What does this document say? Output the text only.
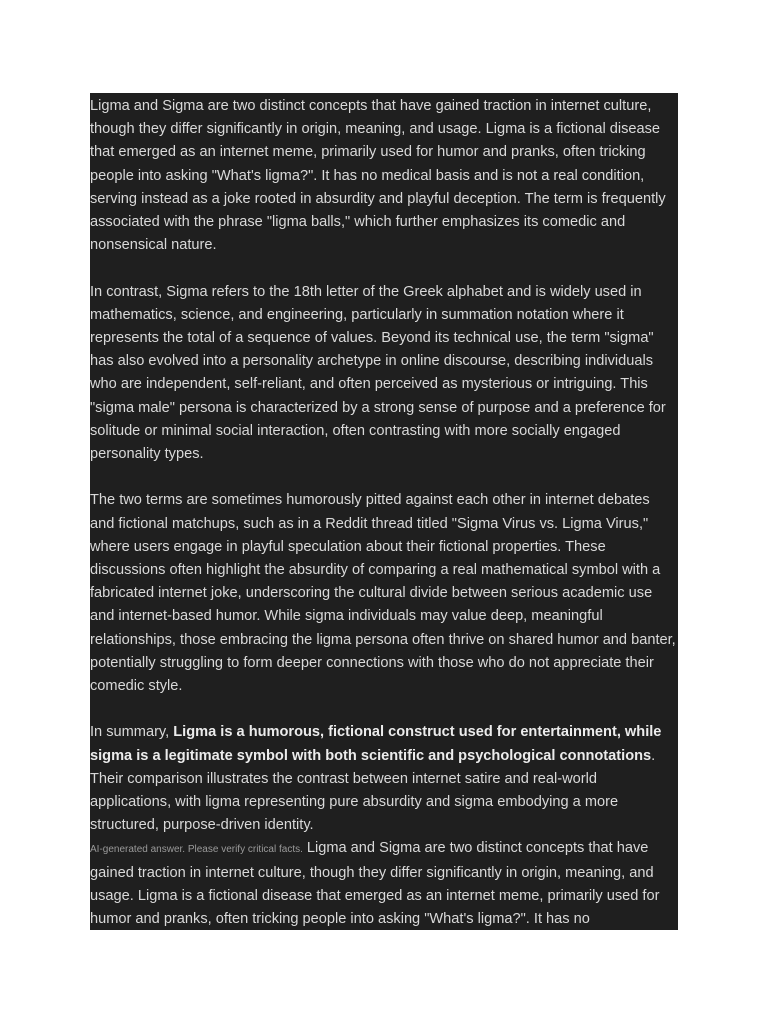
Ligma and Sigma are two distinct concepts that have gained traction in internet culture, though they differ significantly in origin, meaning, and usage. Ligma is a fictional disease that emerged as an internet meme, primarily used for humor and pranks, often tricking people into asking "What's ligma?". It has no medical basis and is not a real condition, serving instead as a joke rooted in absurdity and playful deception. The term is frequently associated with the phrase "ligma balls," which further emphasizes its comedic and nonsensical nature.

In contrast, Sigma refers to the 18th letter of the Greek alphabet and is widely used in mathematics, science, and engineering, particularly in summation notation where it represents the total of a sequence of values. Beyond its technical use, the term "sigma" has also evolved into a personality archetype in online discourse, describing individuals who are independent, self-reliant, and often perceived as mysterious or intriguing. This "sigma male" persona is characterized by a strong sense of purpose and a preference for solitude or minimal social interaction, often contrasting with more socially engaged personality types.

The two terms are sometimes humorously pitted against each other in internet debates and fictional matchups, such as in a Reddit thread titled "Sigma Virus vs. Ligma Virus," where users engage in playful speculation about their fictional properties. These discussions often highlight the absurdity of comparing a real mathematical symbol with a fabricated internet joke, underscoring the cultural divide between serious academic use and internet-based humor. While sigma individuals may value deep, meaningful relationships, those embracing the ligma persona often thrive on shared humor and banter, potentially struggling to form deeper connections with those who do not appreciate their comedic style.

In summary, Ligma is a humorous, fictional construct used for entertainment, while sigma is a legitimate symbol with both scientific and psychological connotations. Their comparison illustrates the contrast between internet satire and real-world applications, with ligma representing pure absurdity and sigma embodying a more structured, purpose-driven identity.

AI-generated answer. Please verify critical facts. Ligma and Sigma are two distinct concepts that have gained traction in internet culture, though they differ significantly in origin, meaning, and usage. Ligma is a fictional disease that emerged as an internet meme, primarily used for humor and pranks, often tricking people into asking "What's ligma?". It has no
